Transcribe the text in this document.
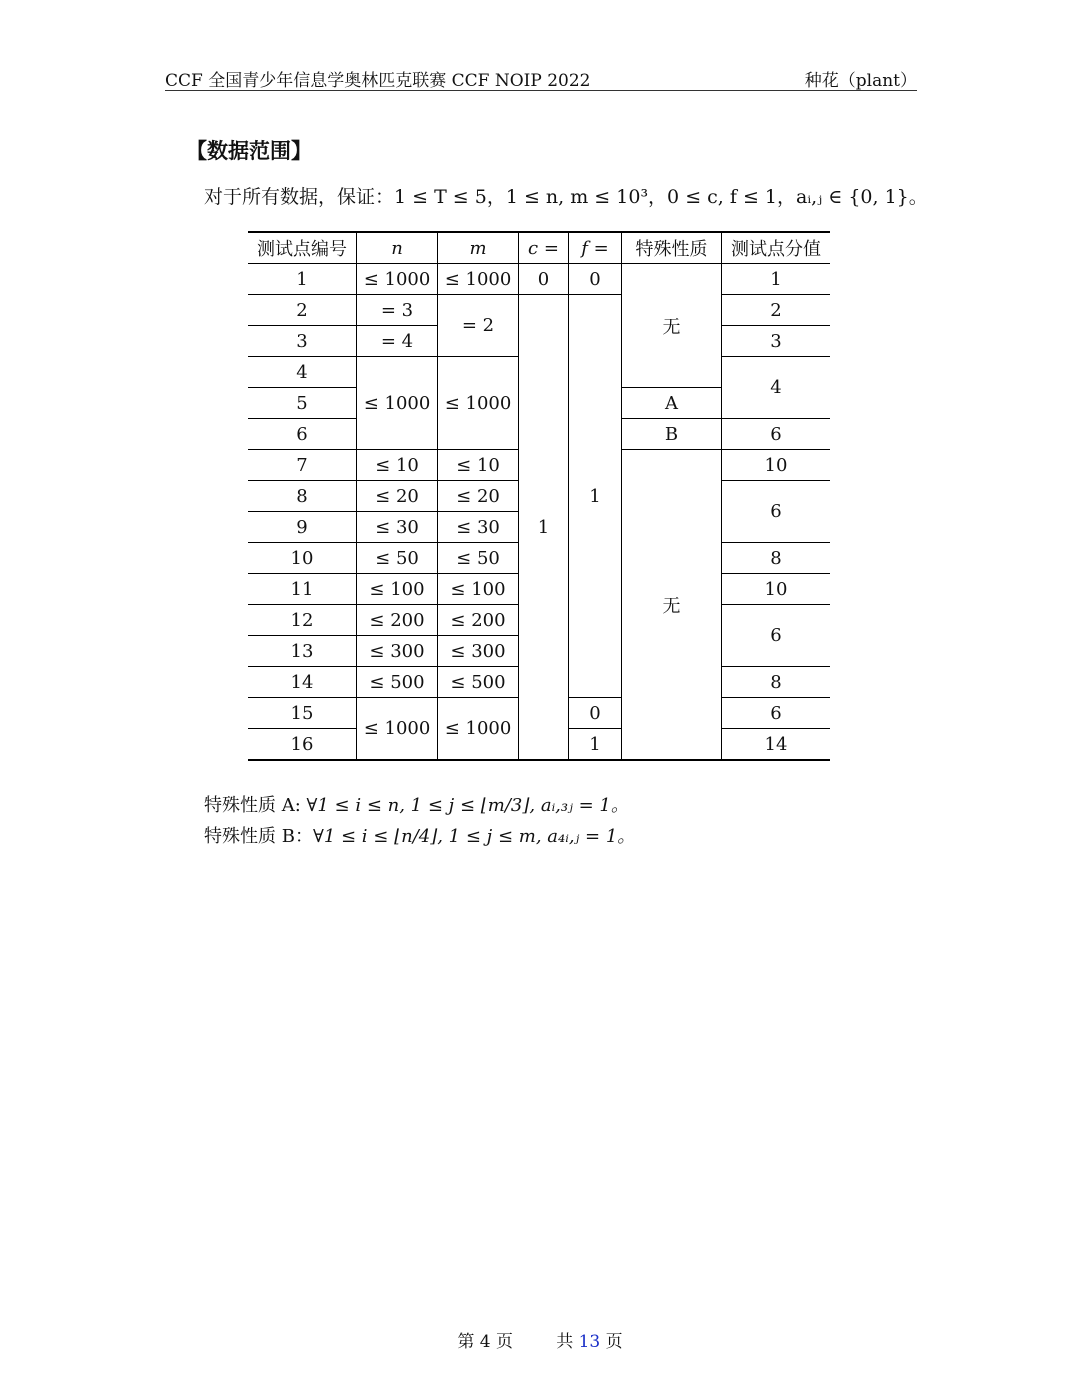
CCF 全国青少年信息学奥林匹克联赛 CCF NOIP 2022	种花（plant）
【数据范围】
对于所有数据，保证：1 ≤ T ≤ 5，1 ≤ n, m ≤ 10³，0 ≤ c, f ≤ 1，aᵢ,ⱼ ∈ {0, 1}。
测试点编号	n	m	c =	f =	特殊性质	测试点分值
1	≤ 1000	≤ 1000	0	0	无	1
2	= 3	= 2	1	1		2
3	= 4					3
4	≤ 1000	≤ 1000				4
5					A	
6					B	6
7	≤ 10	≤ 10			无	10
8	≤ 20	≤ 20				6
9	≤ 30	≤ 30				
10	≤ 50	≤ 50				8
11	≤ 100	≤ 100				10
12	≤ 200	≤ 200				6
13	≤ 300	≤ 300				
14	≤ 500	≤ 500				8
15	≤ 1000	≤ 1000		0		6
16				1		14
特殊性质 A: ∀1 ≤ i ≤ n, 1 ≤ j ≤ ⌊m/3⌋, aᵢ,₃ⱼ = 1。
特殊性质 B：∀1 ≤ i ≤ ⌊n/4⌋, 1 ≤ j ≤ m, a₄ᵢ,ⱼ = 1。
第 4 页	共 13 页
